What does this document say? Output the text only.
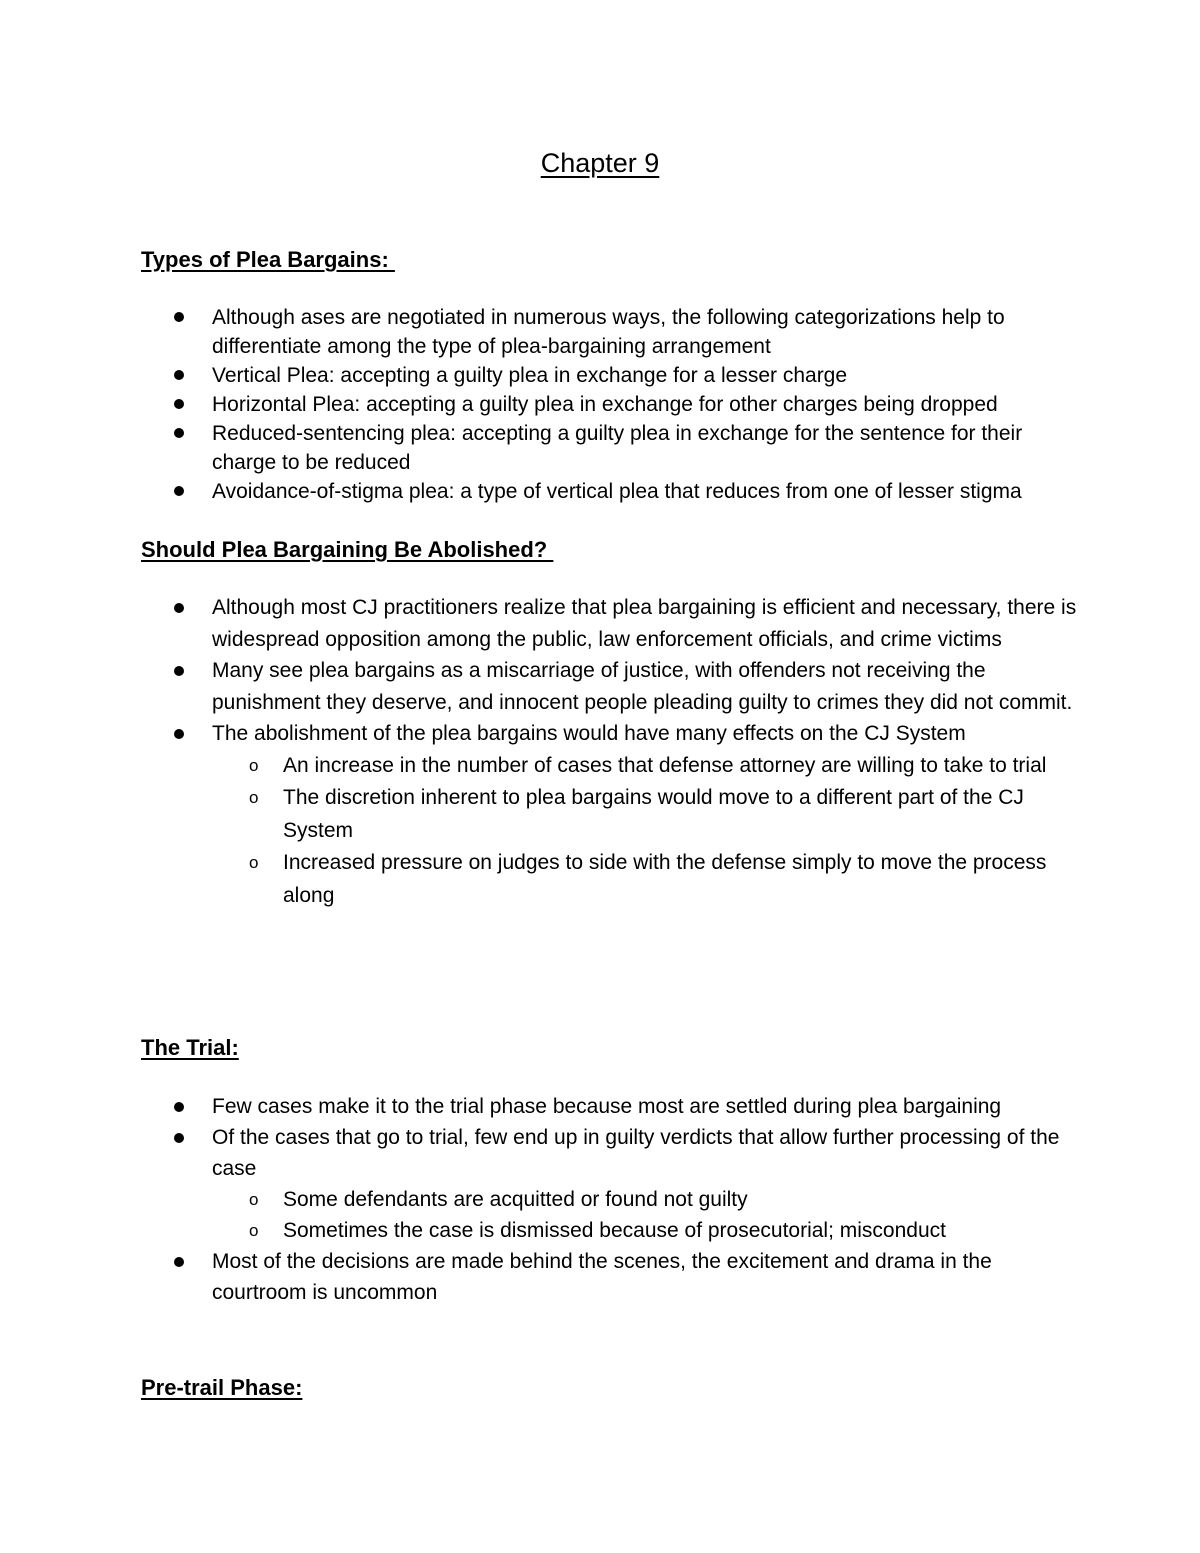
Chapter 9
Types of Plea Bargains:
Although ases are negotiated in numerous ways, the following categorizations help to differentiate among the type of plea-bargaining arrangement
Vertical Plea: accepting a guilty plea in exchange for a lesser charge
Horizontal Plea: accepting a guilty plea in exchange for other charges being dropped
Reduced-sentencing plea: accepting a guilty plea in exchange for the sentence for their charge to be reduced
Avoidance-of-stigma plea: a type of vertical plea that reduces from one of lesser stigma
Should Plea Bargaining Be Abolished?
Although most CJ practitioners realize that plea bargaining is efficient and necessary, there is widespread opposition among the public, law enforcement officials, and crime victims
Many see plea bargains as a miscarriage of justice, with offenders not receiving the punishment they deserve, and innocent people pleading guilty to crimes they did not commit.
The abolishment of the plea bargains would have many effects on the CJ System
o An increase in the number of cases that defense attorney are willing to take to trial
o The discretion inherent to plea bargains would move to a different part of the CJ System
o Increased pressure on judges to side with the defense simply to move the process along
The Trial:
Few cases make it to the trial phase because most are settled during plea bargaining
Of the cases that go to trial, few end up in guilty verdicts that allow further processing of the case
o Some defendants are acquitted or found not guilty
o Sometimes the case is dismissed because of prosecutorial; misconduct
Most of the decisions are made behind the scenes, the excitement and drama in the courtroom is uncommon
Pre-trail Phase:
